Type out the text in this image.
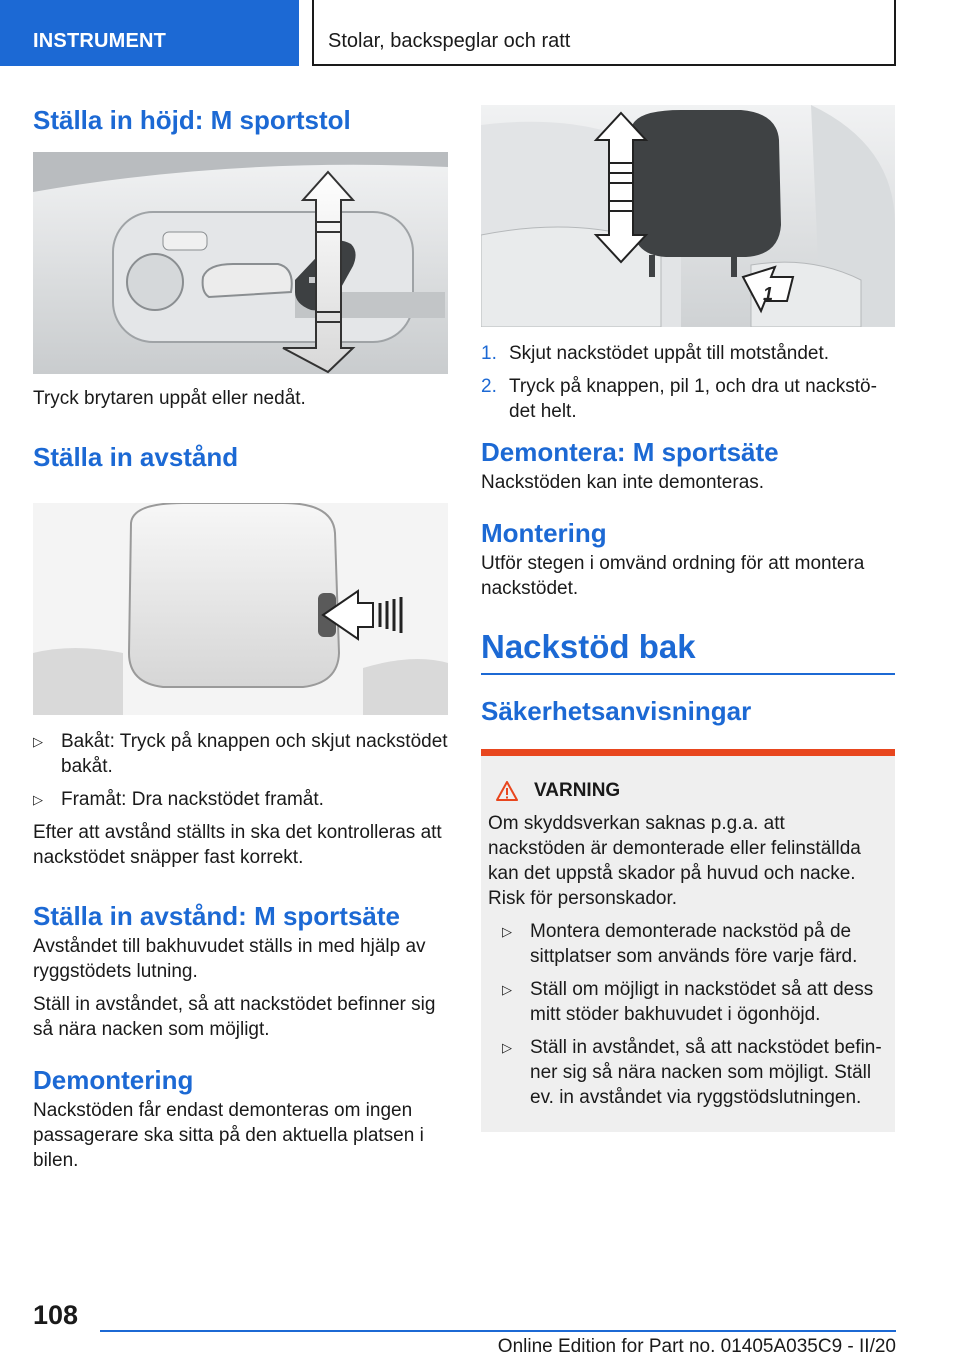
INSTRUMENT	Stolar, backspeglar och ratt
Ställa in höjd: M sportstol

Tryck brytaren uppåt eller nedåt.

Ställa in avstånd
▷ Bakåt: Tryck på knappen och skjut nackstödet bakåt.
▷ Framåt: Dra nackstödet framåt.

Efter att avstånd ställts in ska det kontrolleras att nackstödet snäpper fast korrekt.

Ställa in avstånd: M sportsäte

Avståndet till bakhuvudet ställs in med hjälp av ryggstödets lutning.

Ställ in avståndet, så att nackstödet befinner sig så nära nacken som möjligt.

Demontering

Nackstöden får endast demonteras om ingen passagerare ska sitta på den aktuella platsen i bilen.

1
1. Skjut nackstödet uppåt till motståndet.
2. Tryck på knappen, pil 1, och dra ut nackstödet helt.
Demontera: M sportsäte

Nackstöden kan inte demonteras.

Montering

Utför stegen i omvänd ordning för att montera nackstödet.

Nackstöd bak
Säkerhetsanvisningar
VARNING

Om skyddsverkan saknas p.g.a. att nackstöden är demonterade eller felinställda kan det uppstå skador på huvud och nacke. Risk för personskador.

▷ Montera demonterade nackstöd på de sittplatser som används före varje färd.
▷ Ställ om möjligt in nackstödet så att dess mitt stöder bakhuvudet i ögonhöjd.
▷ Ställ in avståndet, så att nackstödet befinner sig så nära nacken som möjligt. Ställ ev. in avståndet via ryggstödslutningen.
108
Online Edition for Part no. 01405A035C9 - II/20
